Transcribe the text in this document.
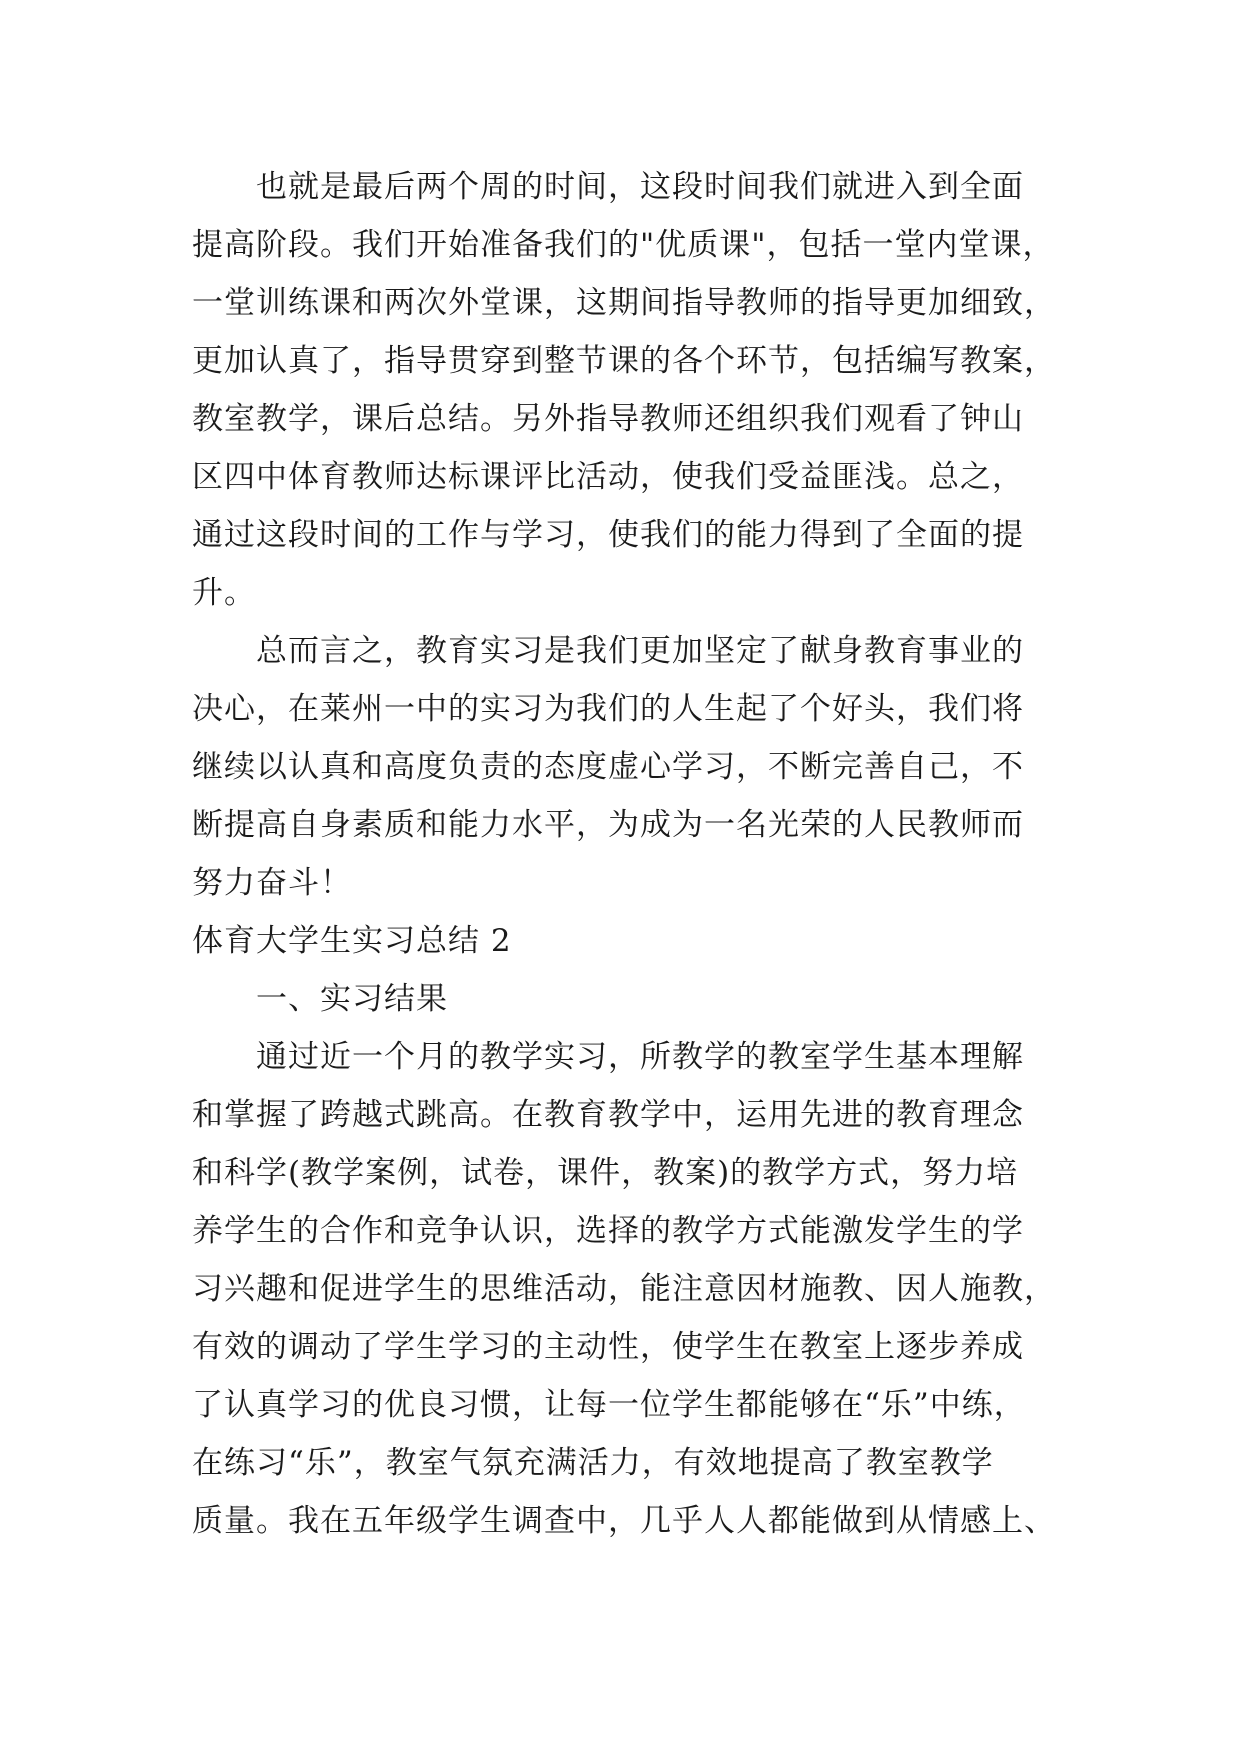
也就是最后两个周的时间，这段时间我们就进入到全面
提高阶段。我们开始准备我们的"优质课"，包括一堂内堂课，
一堂训练课和两次外堂课，这期间指导教师的指导更加细致，
更加认真了，指导贯穿到整节课的各个环节，包括编写教案，
教室教学，课后总结。另外指导教师还组织我们观看了钟山
区四中体育教师达标课评比活动，使我们受益匪浅。总之，
通过这段时间的工作与学习，使我们的能力得到了全面的提
升。
总而言之，教育实习是我们更加坚定了献身教育事业的
决心，在莱州一中的实习为我们的人生起了个好头，我们将
继续以认真和高度负责的态度虚心学习，不断完善自己，不
断提高自身素质和能力水平，为成为一名光荣的人民教师而
努力奋斗！
体育大学生实习总结 2
一、实习结果
通过近一个月的教学实习，所教学的教室学生基本理解
和掌握了跨越式跳高。在教育教学中，运用先进的教育理念
和科学(教学案例，试卷，课件，教案)的教学方式，努力培
养学生的合作和竞争认识，选择的教学方式能激发学生的学
习兴趣和促进学生的思维活动，能注意因材施教、因人施教，
有效的调动了学生学习的主动性，使学生在教室上逐步养成
了认真学习的优良习惯，让每一位学生都能够在“乐”中练，
在练习“乐”，教室气氛充满活力，有效地提高了教室教学
质量。我在五年级学生调查中，几乎人人都能做到从情感上、
